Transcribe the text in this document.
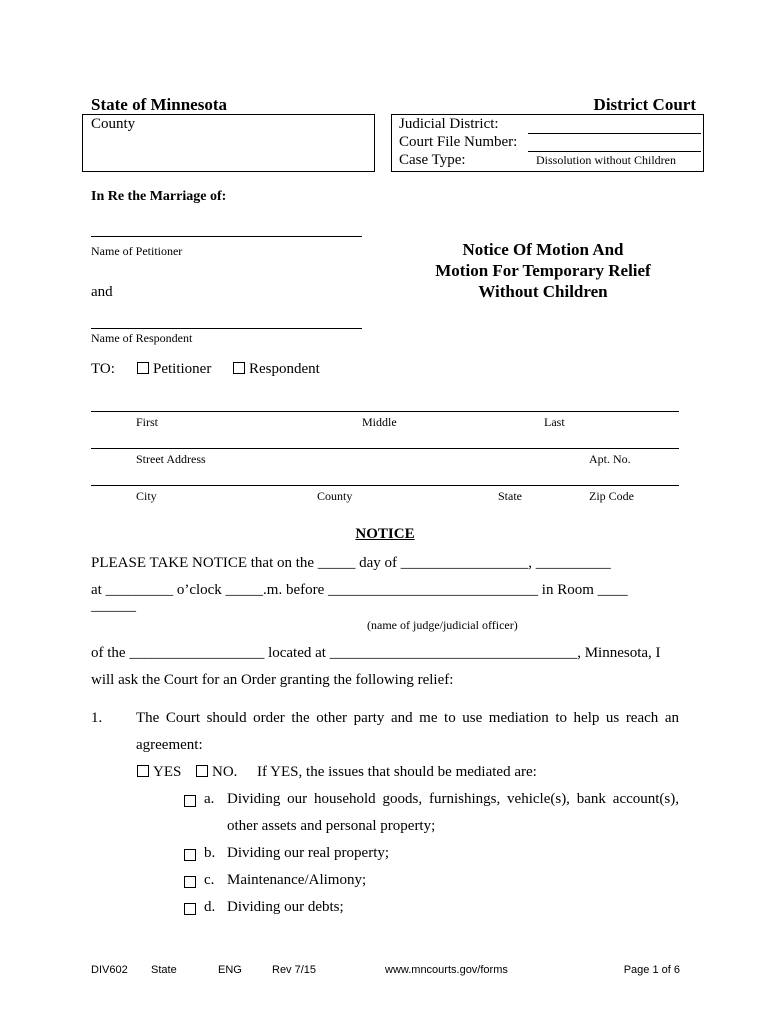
State of Minnesota	District Court
County	Judicial District:
Court File Number:
Case Type:	Dissolution without Children
In Re the Marriage of:
Name of Petitioner
and
Name of Respondent
Notice Of Motion And
Motion For Temporary Relief
Without Children
TO:	Petitioner	Respondent
First	Middle	Last
Street Address	Apt. No.
City	County	State	Zip Code
NOTICE
PLEASE TAKE NOTICE that on the _____ day of _________________, __________
at _________ o’clock _____.m. before ____________________________ in Room ____
______
(name of judge/judicial officer)
of the __________________ located at _________________________________, Minnesota, I
will ask the Court for an Order granting the following relief:
1. The Court should order the other party and me to use mediation to help us reach an
agreement:
YES	NO. If YES, the issues that should be mediated are:
a. Dividing our household goods, furnishings, vehicle(s), bank account(s),
other assets and personal property;
b. Dividing our real property;
c. Maintenance/Alimony;
d. Dividing our debts;
DIV602 State	ENG	Rev 7/15	www.mncourts.gov/forms	Page 1 of 6
